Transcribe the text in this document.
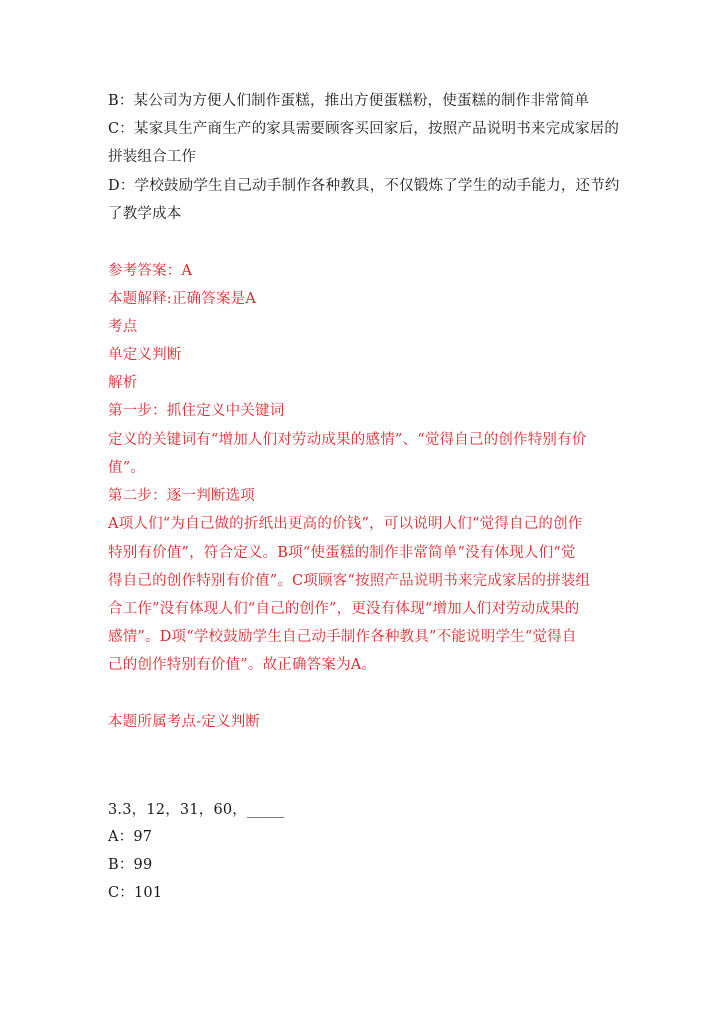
B：某公司为方便人们制作蛋糕，推出方便蛋糕粉，使蛋糕的制作非常简单
C：某家具生产商生产的家具需要顾客买回家后，按照产品说明书来完成家居的
拼装组合工作
D：学校鼓励学生自己动手制作各种教具，不仅锻炼了学生的动手能力，还节约
了教学成本
参考答案：A
本题解释:正确答案是A
考点
单定义判断
解析
第一步：抓住定义中关键词
定义的关键词有“增加人们对劳动成果的感情”、“觉得自己的创作特别有价
值”。
第二步：逐一判断选项
A项人们“为自己做的折纸出更高的价钱”，可以说明人们“觉得自己的创作
特别有价值”，符合定义。B项“使蛋糕的制作非常简单”没有体现人们“觉
得自己的创作特别有价值”。C项顾客“按照产品说明书来完成家居的拼装组
合工作”没有体现人们“自己的创作”，更没有体现“增加人们对劳动成果的
感情”。D项“学校鼓励学生自己动手制作各种教具”不能说明学生“觉得自
己的创作特别有价值”。故正确答案为A。
本题所属考点-定义判断
3.3，12，31，60，_____
A：97
B：99
C：101
